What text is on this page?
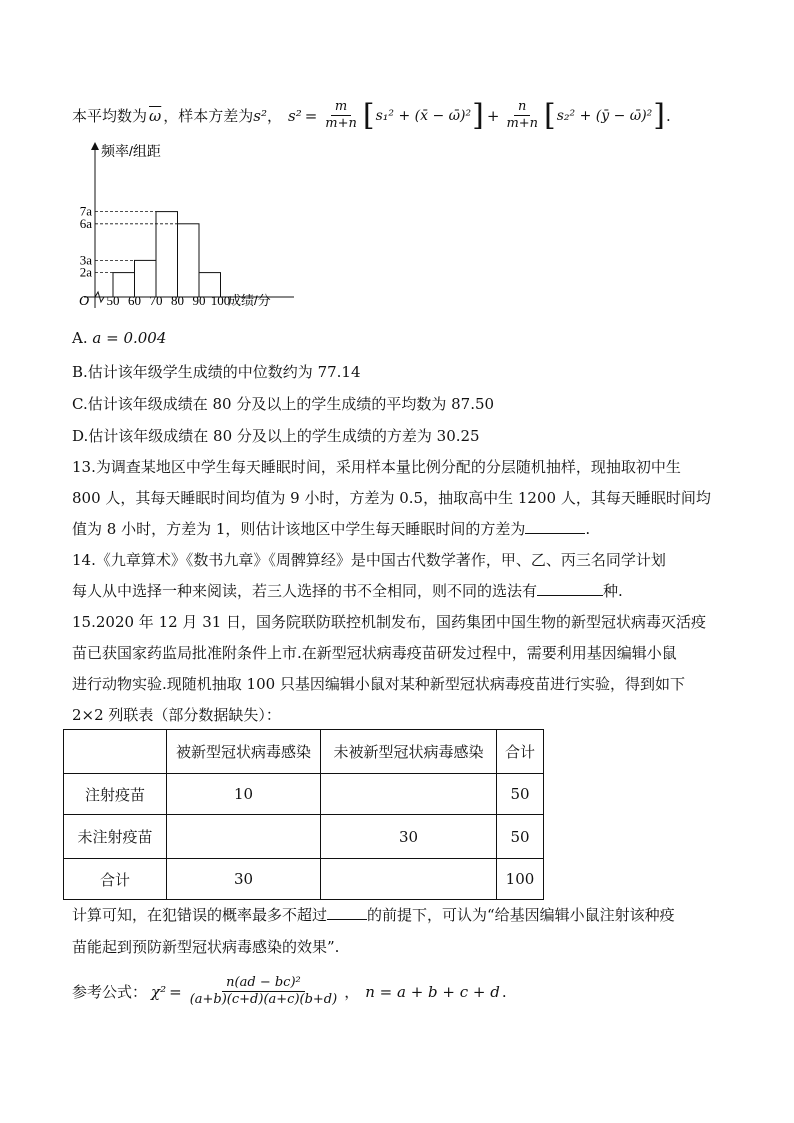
本平均数为 $\overline{\omega}$ ，样本方差为 s² ， $s^2 = \frac{m}{m+n}$ [ s₁² + (x̄ − ω̄)² ] + $\frac{n}{m+n}$ [ s₂² + (ȳ − ω̄)² ] .
7a
6a
3a
2a
50 60 70 80 90 100
频率/组距
O	成绩/分
A. a = 0.004
B.估计该年级学生成绩的中位数约为 77.14
C.估计该年级成绩在 80 分及以上的学生成绩的平均数为 87.50
D.估计该年级成绩在 80 分及以上的学生成绩的方差为 30.25
13.为调查某地区中学生每天睡眠时间，采用样本量比例分配的分层随机抽样，现抽取初中生
800 人，其每天睡眠时间均值为 9 小时，方差为 0.5，抽取高中生 1200 人，其每天睡眠时间均
值为 8 小时，方差为 1，则估计该地区中学生每天睡眠时间的方差为	.
14.《九章算术》《数书九章》《周髀算经》是中国古代数学著作，甲、乙、丙三名同学计划
每人从中选择一种来阅读，若三人选择的书不全相同，则不同的选法有	种.
15.2020 年 12 月 31 日，国务院联防联控机制发布，国药集团中国生物的新型冠状病毒灭活疫
苗已获国家药监局批准附条件上市.在新型冠状病毒疫苗研发过程中，需要利用基因编辑小鼠
进行动物实验.现随机抽取 100 只基因编辑小鼠对某种新型冠状病毒疫苗进行实验，得到如下
2×2 列联表（部分数据缺失）：
	被新型冠状病毒感染	未被新型冠状病毒感染	合计
注射疫苗	10		50
未注射疫苗		30	50
合计	30		100
计算可知，在犯错误的概率最多不超过	的前提下，可认为“给基因编辑小鼠注射该种疫
苗能起到预防新型冠状病毒感染的效果”.
参考公式： $\chi^2 = \frac{\text{n(ad − bc)²}}{(a+b)(c+d)(a+c)(b+d)}$ ， n = a + b + c + d .
